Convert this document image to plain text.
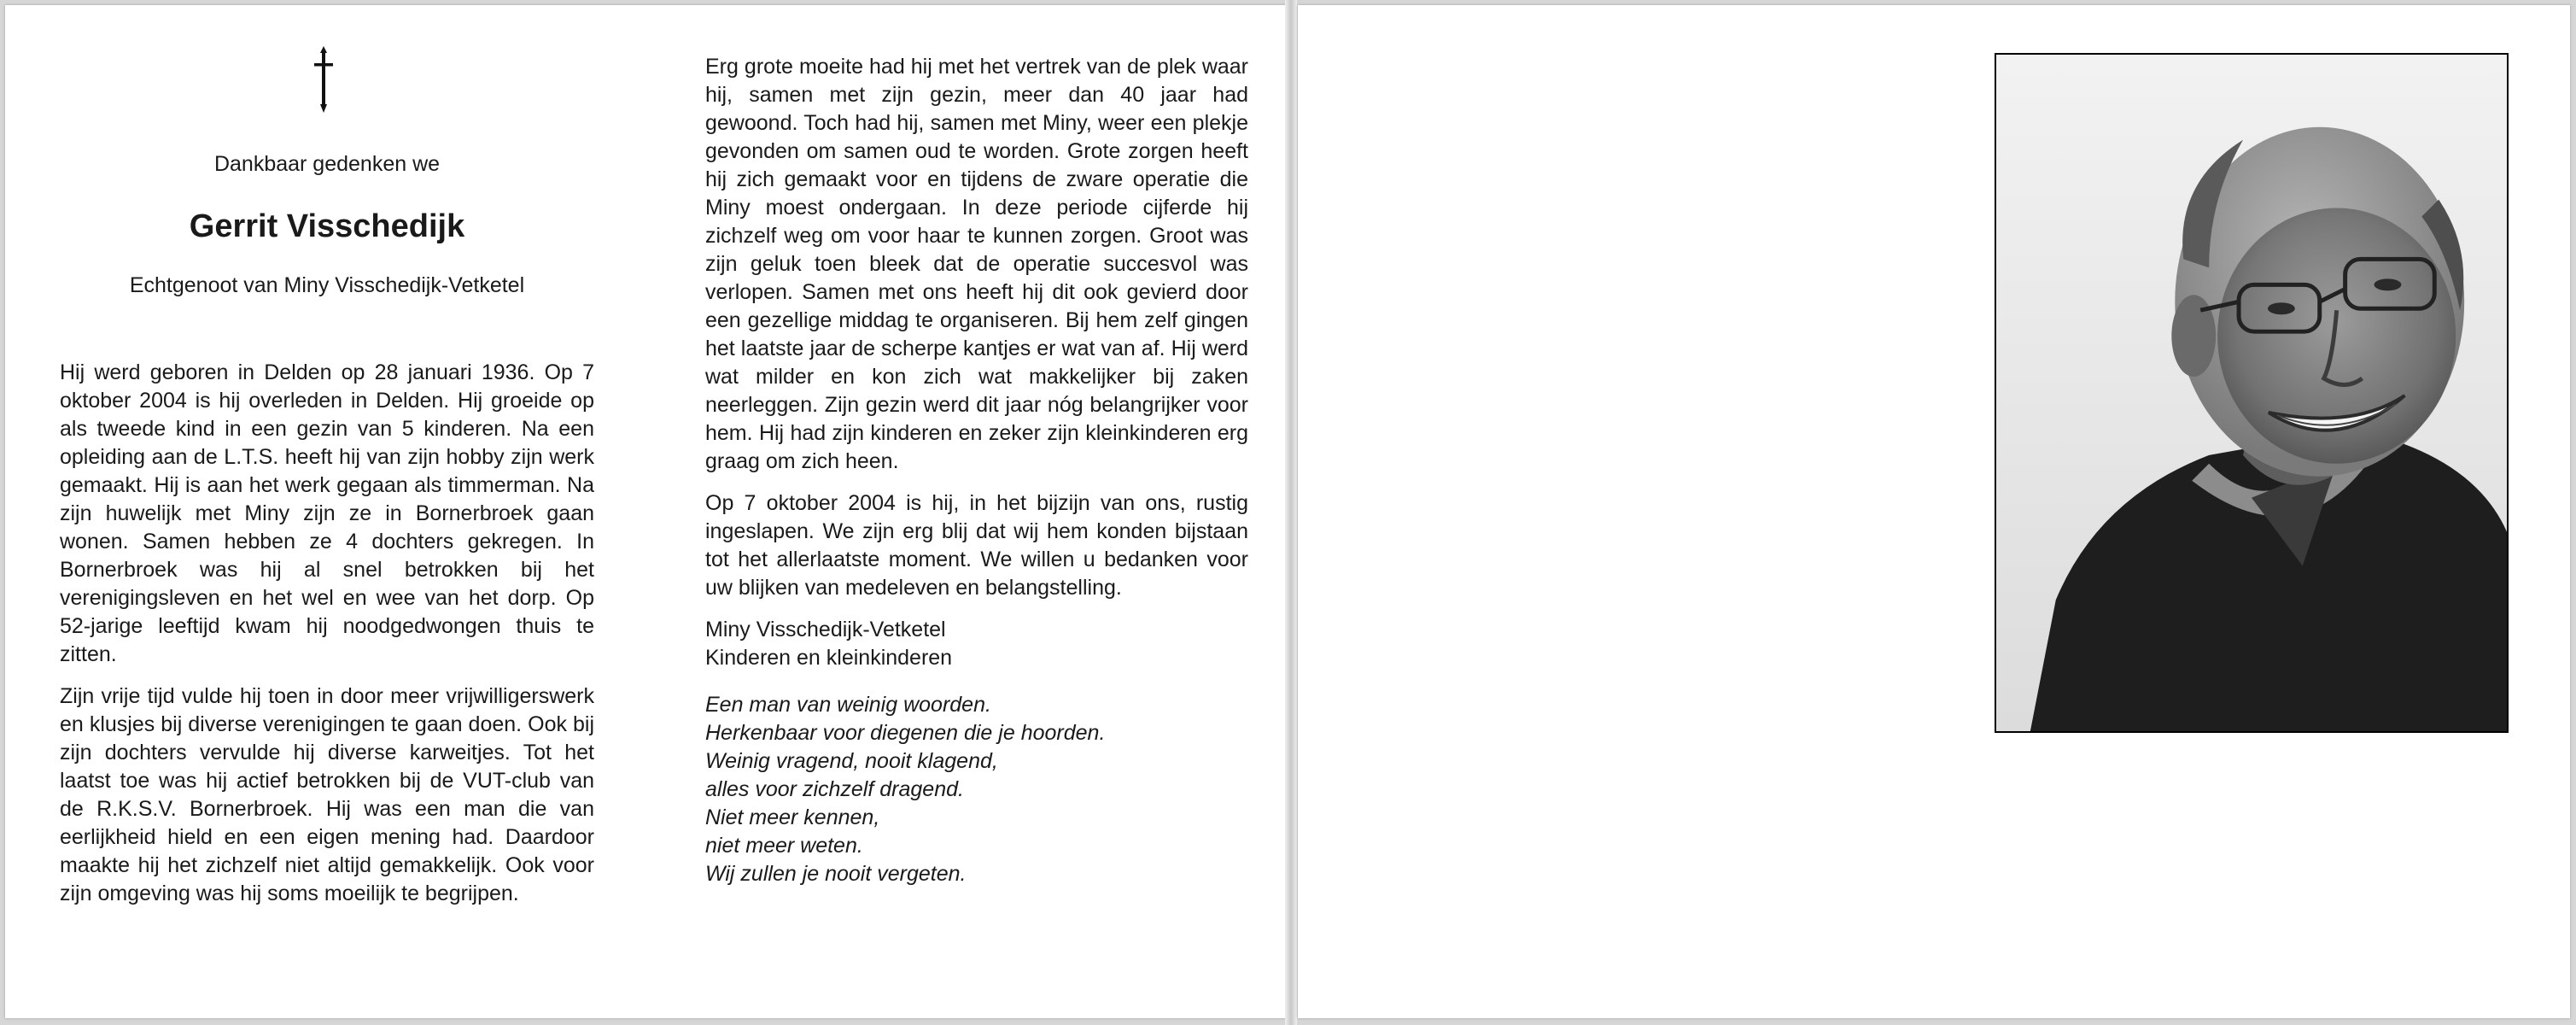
Dankbaar gedenken we
Gerrit Visschedijk
Echtgenoot van Miny Visschedijk-Vetketel

Hij werd geboren in Delden op 28 januari 1936. Op 7 oktober 2004 is hij overleden in Delden. Hij groeide op als tweede kind in een gezin van 5 kinderen. Na een opleiding aan de L.T.S. heeft hij van zijn hobby zijn werk gemaakt. Hij is aan het werk gegaan als timmerman. Na zijn huwelijk met Miny zijn ze in Bornerbroek gaan wonen. Samen hebben ze 4 dochters gekregen. In Bornerbroek was hij al snel betrokken bij het verenigingsleven en het wel en wee van het dorp. Op 52-jarige leeftijd kwam hij noodgedwongen thuis te zitten.

Zijn vrije tijd vulde hij toen in door meer vrijwilligerswerk en klusjes bij diverse verenigingen te gaan doen. Ook bij zijn dochters vervulde hij diverse karweitjes. Tot het laatst toe was hij actief betrokken bij de VUT-club van de R.K.S.V. Bornerbroek. Hij was een man die van eerlijkheid hield en een eigen mening had. Daardoor maakte hij het zichzelf niet altijd gemakkelijk. Ook voor zijn omgeving was hij soms moeilijk te begrijpen.

Erg grote moeite had hij met het vertrek van de plek waar hij, samen met zijn gezin, meer dan 40 jaar had gewoond. Toch had hij, samen met Miny, weer een plekje gevonden om samen oud te worden. Grote zorgen heeft hij zich gemaakt voor en tijdens de zware operatie die Miny moest ondergaan. In deze periode cijferde hij zichzelf weg om voor haar te kunnen zorgen. Groot was zijn geluk toen bleek dat de operatie succesvol was verlopen. Samen met ons heeft hij dit ook gevierd door een gezellige middag te organiseren. Bij hem zelf gingen het laatste jaar de scherpe kantjes er wat van af. Hij werd wat milder en kon zich wat makkelijker bij zaken neerleggen. Zijn gezin werd dit jaar nóg belangrijker voor hem. Hij had zijn kinderen en zeker zijn kleinkinderen erg graag om zich heen.

Op 7 oktober 2004 is hij, in het bijzijn van ons, rustig ingeslapen. We zijn erg blij dat wij hem konden bijstaan tot het allerlaatste moment. We willen u bedanken voor uw blijken van medeleven en belangstelling.

Miny Visschedijk-Vetketel

Kinderen en kleinkinderen

Een man van weinig woorden.

Herkenbaar voor diegenen die je hoorden.

Weinig vragend, nooit klagend,

alles voor zichzelf dragend.

Niet meer kennen,

niet meer weten.

Wij zullen je nooit vergeten.
